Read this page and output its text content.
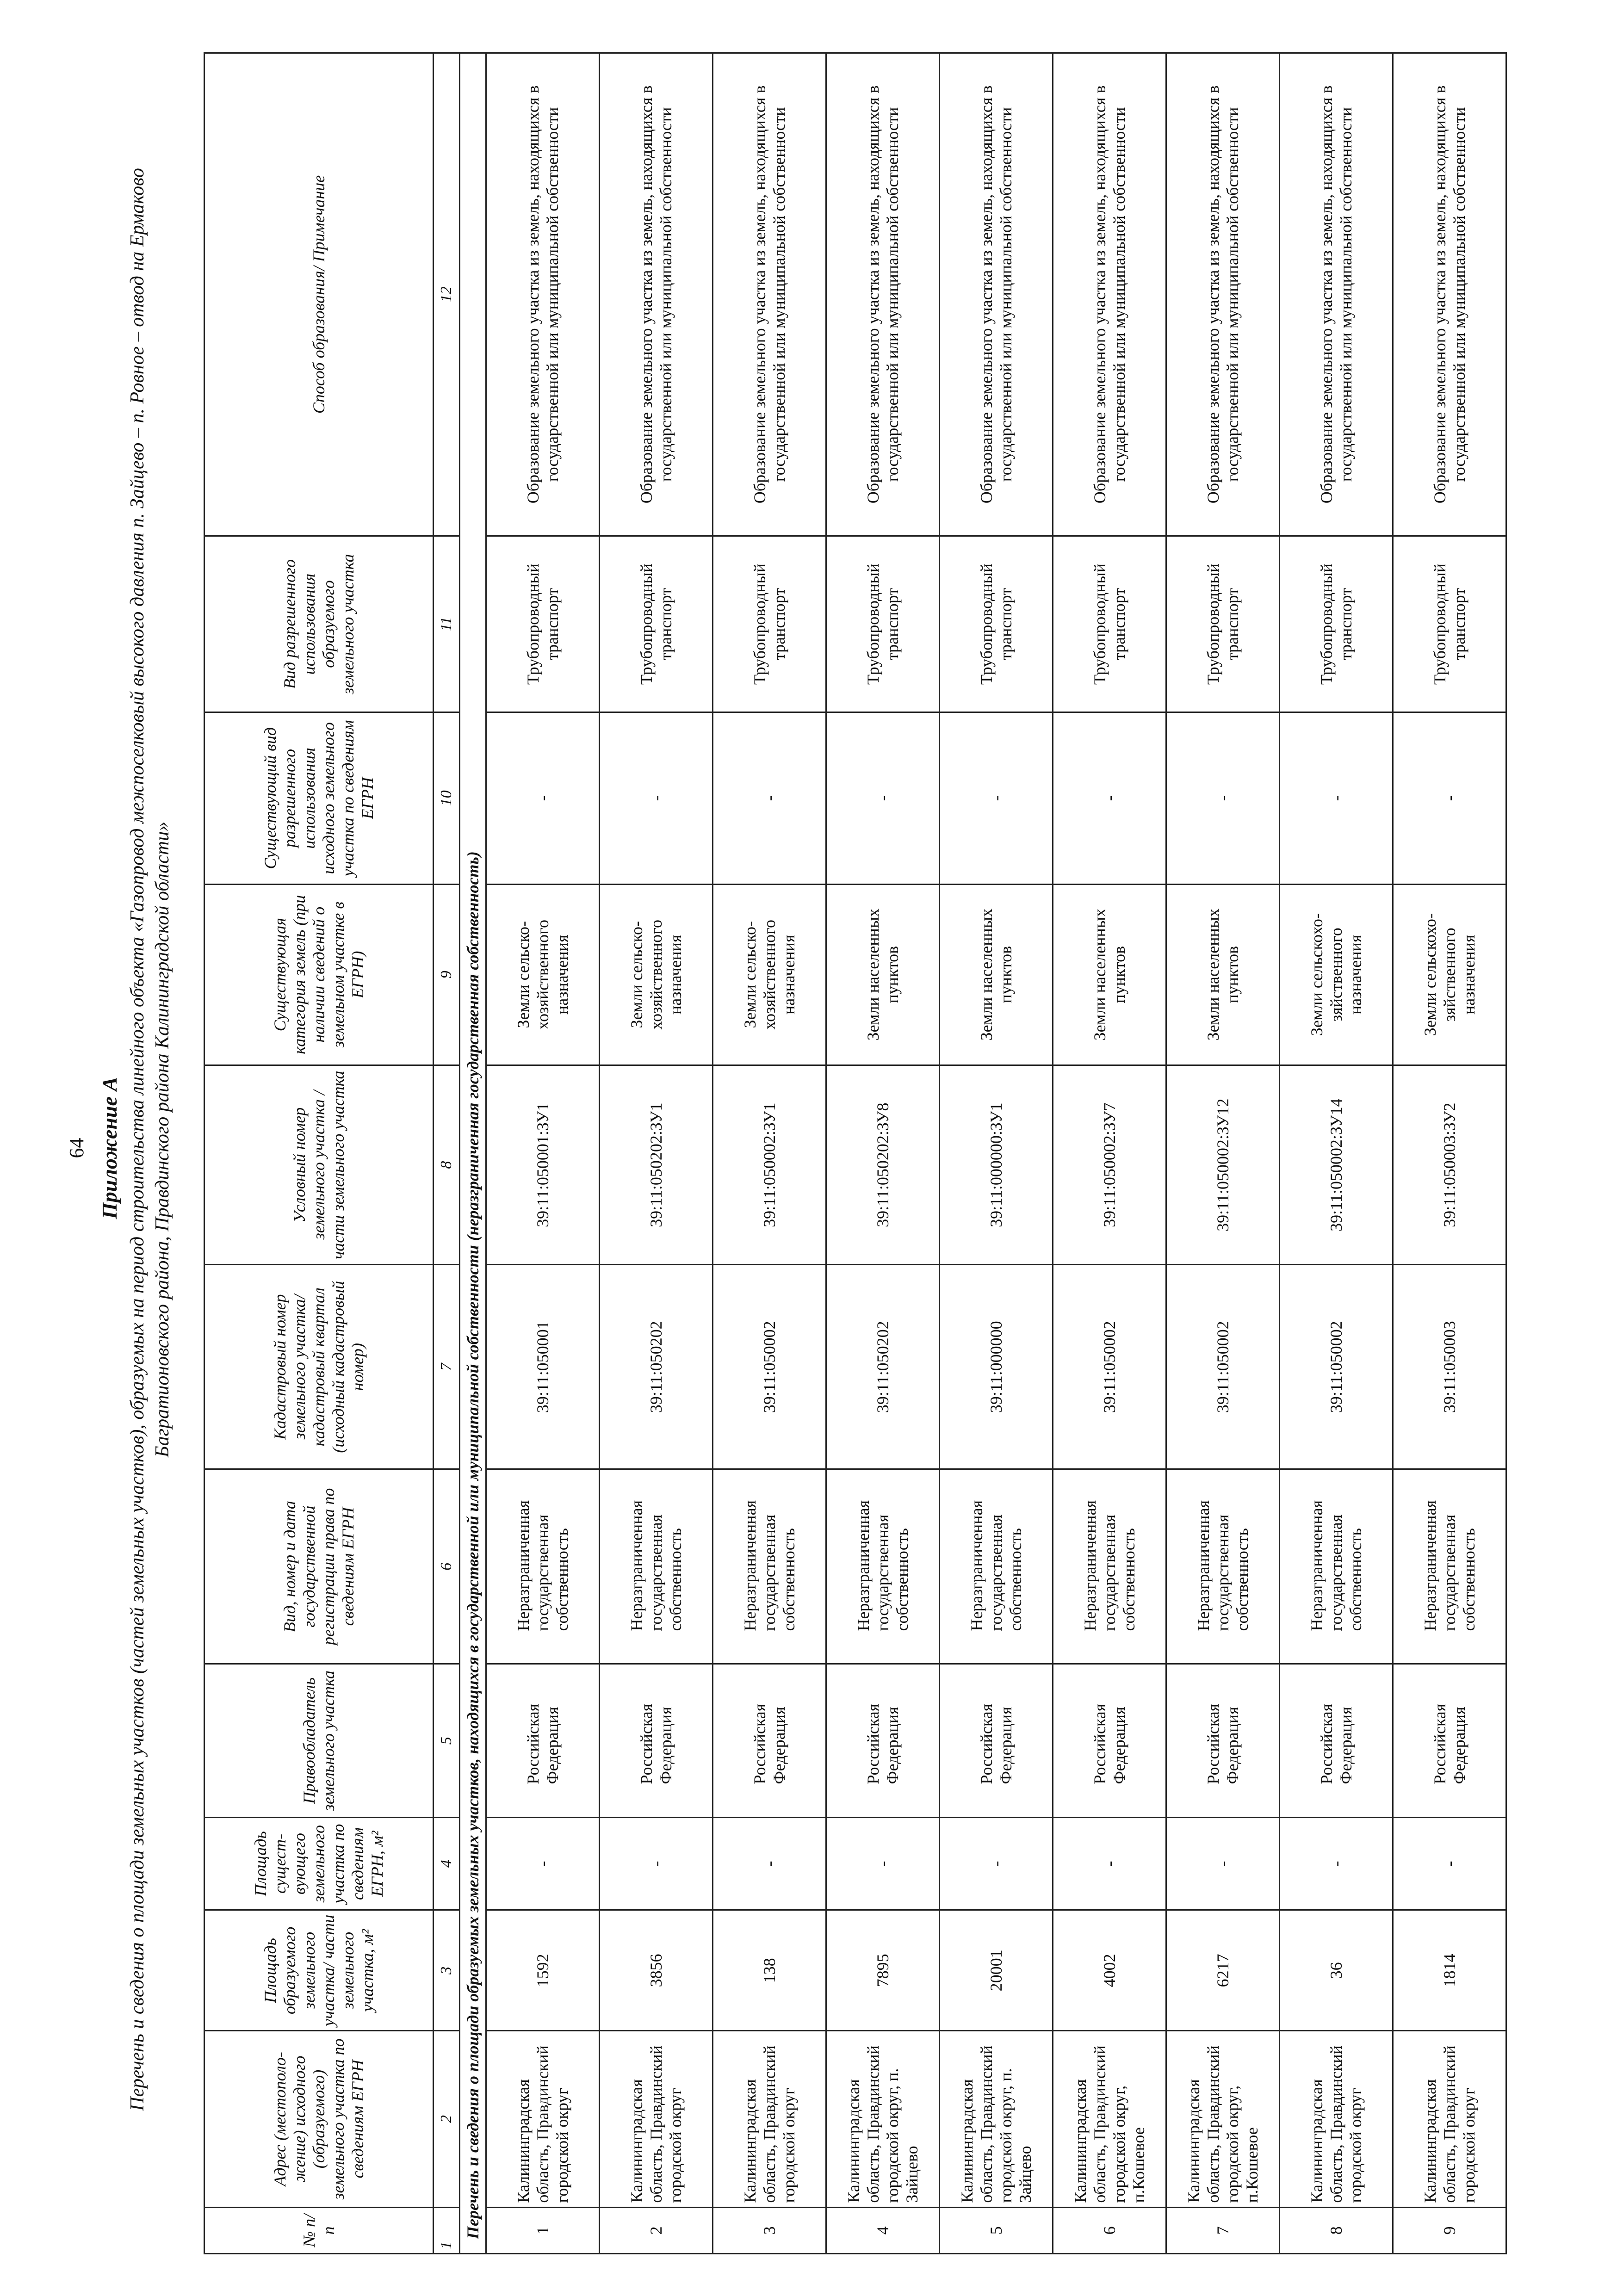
64 Приложение А Перечень и сведения о площади земельных участков (частей земельных участков), образуемых на период строительства линейного объекта «Газопровод межпоселковый высокого давления п. Зайцево – п. Ровное – отвод на Ермаково Багратионовского района, Правдинского района Калининградской области»
№ п/п	Адрес (местополо-жение) исходного (образуемого) земельного участка по сведениям ЕГРН	Площадь образуемого земельного участка/ части земельного участка, м²	Площадь сущест-вующего земельного участка по сведениям ЕГРН, м²	Правообладатель земельного участка	Вид, номер и дата государственной регистрации права по сведениям ЕГРН	Кадастровый номер земельного участка/ кадастровый квартал (исходный кадастровый номер)	Условный номер земельного участка /части земельного участка	Существующая категория земель (при наличии сведений о земельном участке в ЕГРН)	Существующий вид разрешенного использования исходного земельного участка по сведениям ЕГРН	Вид разрешенного использования образуемого земельного участка	Способ образования/ Примечание
1	2	3	4	5	6	7	8	9	10	11	12
Перечень и сведения о площади образуемых земельных участков, находящихся в государственной или муниципальной собственности (неразграниченная государственная собственность)											
1	Калининградская область, Правдинский городской округ	1592	-	Российская Федерация	Неразграниченная государственная собственность	39:11:050001	39:11:050001:ЗУ1	Земли сельско-хозяйственного назначения	-	Трубопроводный транспорт	Образование земельного участка из земель, находящихся в государственной или муниципальной собственности
2	Калининградская область, Правдинский городской округ	3856	-	Российская Федерация	Неразграниченная государственная собственность	39:11:050202	39:11:050202:ЗУ1	Земли сельско-хозяйственного назначения	-	Трубопроводный транспорт	Образование земельного участка из земель, находящихся в государственной или муниципальной собственности
3	Калининградская область, Правдинский городской округ	138	-	Российская Федерация	Неразграниченная государственная собственность	39:11:050002	39:11:050002:ЗУ1	Земли сельско-хозяйственного назначения	-	Трубопроводный транспорт	Образование земельного участка из земель, находящихся в государственной или муниципальной собственности
4	Калининградская область, Правдинский городской округ, п. Зайцево	7895	-	Российская Федерация	Неразграниченная государственная собственность	39:11:050202	39:11:050202:ЗУ8	Земли населенных пунктов	-	Трубопроводный транспорт	Образование земельного участка из земель, находящихся в государственной или муниципальной собственности
5	Калининградская область, Правдинский городской округ, п. Зайцево	20001	-	Российская Федерация	Неразграниченная государственная собственность	39:11:000000	39:11:000000:ЗУ1	Земли населенных пунктов	-	Трубопроводный транспорт	Образование земельного участка из земель, находящихся в государственной или муниципальной собственности
6	Калининградская область, Правдинский городской округ, п.Кошевое	4002	-	Российская Федерация	Неразграниченная государственная собственность	39:11:050002	39:11:050002:ЗУ7	Земли населенных пунктов	-	Трубопроводный транспорт	Образование земельного участка из земель, находящихся в государственной или муниципальной собственности
7	Калининградская область, Правдинский городской округ, п.Кошевое	6217	-	Российская Федерация	Неразграниченная государственная собственность	39:11:050002	39:11:050002:ЗУ12	Земли населенных пунктов	-	Трубопроводный транспорт	Образование земельного участка из земель, находящихся в государственной или муниципальной собственности
8	Калининградская область, Правдинский городской округ	36	-	Российская Федерация	Неразграниченная государственная собственность	39:11:050002	39:11:050002:ЗУ14	Земли сельскохо-зяйственного назначения	-	Трубопроводный транспорт	Образование земельного участка из земель, находящихся в государственной или муниципальной собственности
9	Калининградская область, Правдинский городской округ	1814	-	Российская Федерация	Неразграниченная государственная собственность	39:11:050003	39:11:050003:ЗУ2	Земли сельскохо-зяйственного назначения	-	Трубопроводный транспорт	Образование земельного участка из земель, находящихся в государственной или муниципальной собственности
